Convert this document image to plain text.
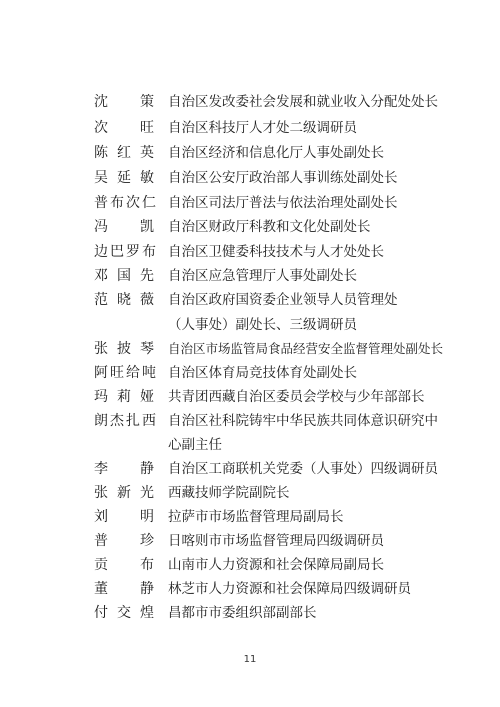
沈 策 自治区发改委社会发展和就业收入分配处处长
次 旺 自治区科技厅人才处二级调研员
陈 红 英 自治区经济和信息化厅人事处副处长
吴 延 敏 自治区公安厅政治部人事训练处副处长
普 布 次 仁 自治区司法厅普法与依法治理处副处长
冯 凯 自治区财政厅科教和文化处副处长
边 巴 罗 布 自治区卫健委科技技术与人才处处长
邓 国 先 自治区应急管理厅人事处副处长
范 晓 薇 自治区政府国资委企业领导人员管理处
（人事处）副处长、三级调研员
张 披 琴 自治区市场监管局食品经营安全监督管理处副处长
阿 旺 给 吨 自治区体育局竞技体育处副处长
玛 莉 娅 共青团西藏自治区委员会学校与少年部部长
朗 杰 扎 西 自治区社科院铸牢中华民族共同体意识研究中
心副主任
李 静 自治区工商联机关党委（人事处）四级调研员
张 新 光 西藏技师学院副院长
刘 明 拉萨市市场监督管理局副局长
普 珍 日喀则市市场监督管理局四级调研员
贡 布 山南市人力资源和社会保障局副局长
董 静 林芝市人力资源和社会保障局四级调研员
付 交 煌 昌都市市委组织部副部长
11
